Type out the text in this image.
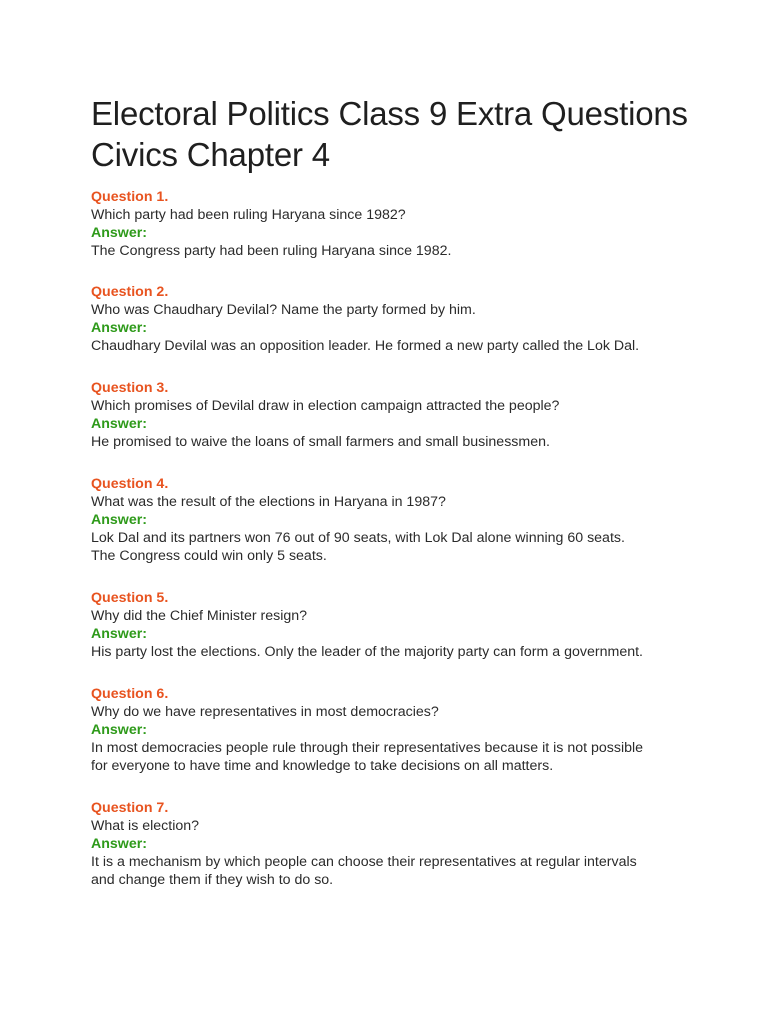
Electoral Politics Class 9 Extra Questions Civics Chapter 4
Question 1.
Which party had been ruling Haryana since 1982?
Answer:
The Congress party had been ruling Haryana since 1982.
Question 2.
Who was Chaudhary Devilal? Name the party formed by him.
Answer:
Chaudhary Devilal was an opposition leader. He formed a new party called the Lok Dal.
Question 3.
Which promises of Devilal draw in election campaign attracted the people?
Answer:
He promised to waive the loans of small farmers and small businessmen.
Question 4.
What was the result of the elections in Haryana in 1987?
Answer:
Lok Dal and its partners won 76 out of 90 seats, with Lok Dal alone winning 60 seats.
The Congress could win only 5 seats.
Question 5.
Why did the Chief Minister resign?
Answer:
His party lost the elections. Only the leader of the majority party can form a government.
Question 6.
Why do we have representatives in most democracies?
Answer:
In most democracies people rule through their representatives because it is not possible
for everyone to have time and knowledge to take decisions on all matters.
Question 7.
What is election?
Answer:
It is a mechanism by which people can choose their representatives at regular intervals
and change them if they wish to do so.
